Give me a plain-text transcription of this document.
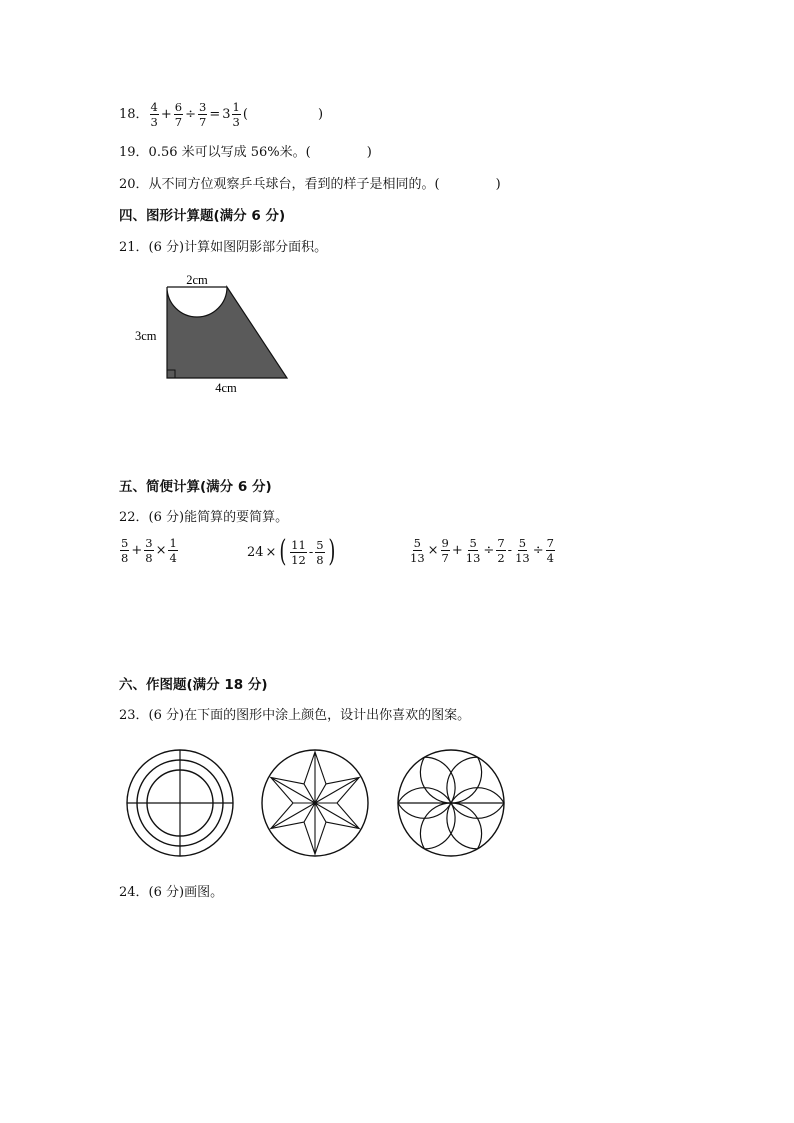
18． $\frac{4}{3} + \frac{6}{7} \div \frac{3}{7} = 3 \frac{1}{3}$ (	)
19．0.56 米可以写成 56%米。(	)
20．从不同方位观察乒乓球台，看到的样子是相同的。(	)
四、图形计算题(满分 6 分)
21．(6 分)计算如图阴影部分面积。
2cm
3cm
4cm
五、简便计算(满分 6 分)
22．(6 分)能简算的要简算。
$\frac{5}{8} + \frac{3}{8} \times \frac{1}{4}$	24 × ( $\frac{11}{12} - \frac{5}{8}$ )	$\frac{5}{13} \times \frac{9}{7} + \frac{5}{13} \div \frac{7}{2} - \frac{5}{13} \div \frac{7}{4}$
六、作图题(满分 18 分)
23．(6 分)在下面的图形中涂上颜色，设计出你喜欢的图案。
24．(6 分)画图。
